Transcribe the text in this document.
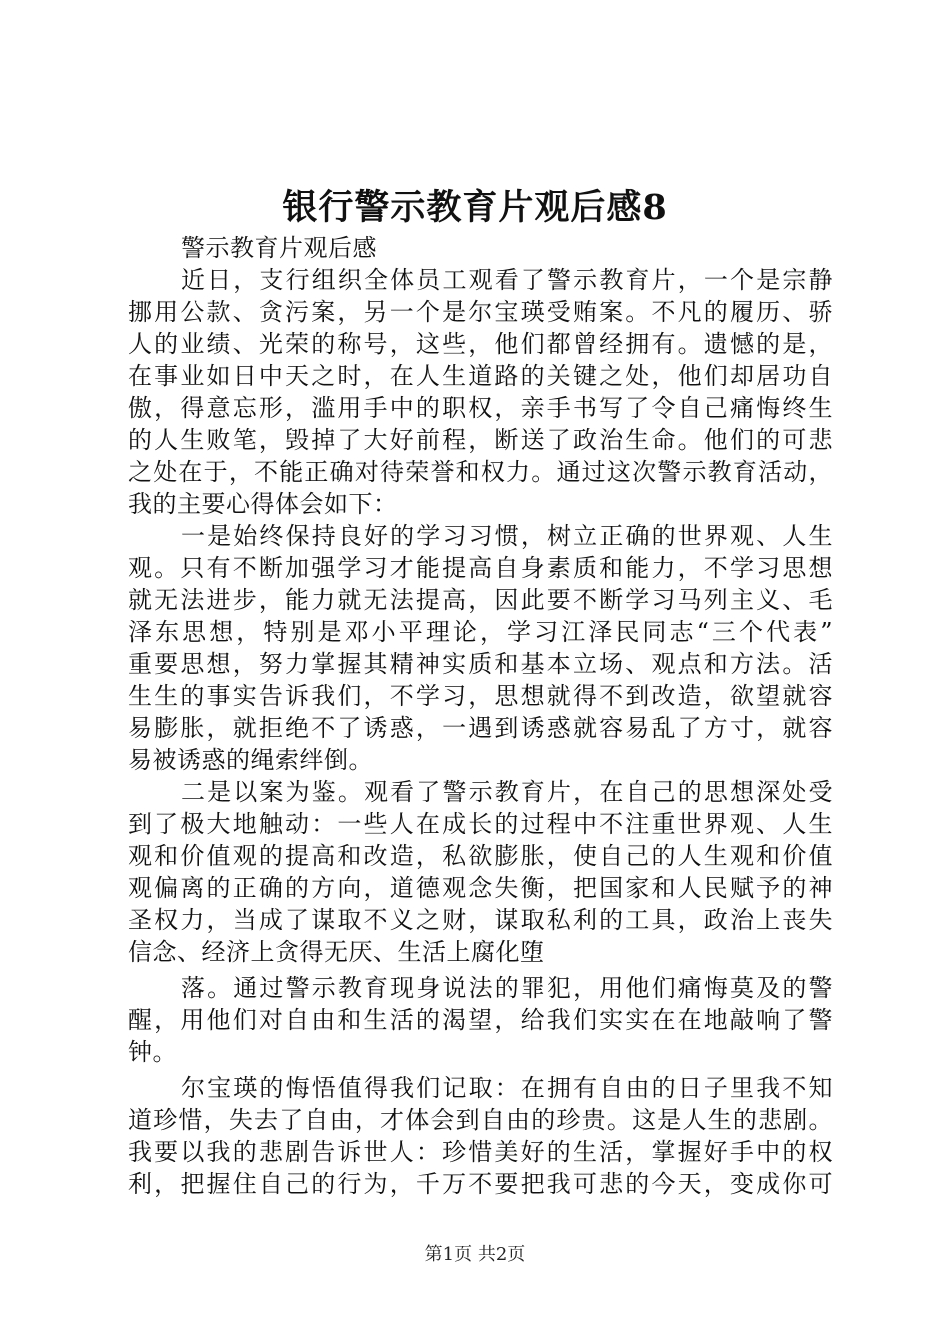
银行警示教育片观后感8
警示教育片观后感
近日，支行组织全体员工观看了警示教育片，一个是宗静
挪用公款、贪污案，另一个是尔宝瑛受贿案。不凡的履历、骄
人的业绩、光荣的称号，这些，他们都曾经拥有。遗憾的是，
在事业如日中天之时，在人生道路的关键之处，他们却居功自
傲，得意忘形，滥用手中的职权，亲手书写了令自己痛悔终生
的人生败笔，毁掉了大好前程，断送了政治生命。他们的可悲
之处在于，不能正确对待荣誉和权力。通过这次警示教育活动，
我的主要心得体会如下：
一是始终保持良好的学习习惯，树立正确的世界观、人生
观。只有不断加强学习才能提高自身素质和能力，不学习思想
就无法进步，能力就无法提高，因此要不断学习马列主义、毛
泽东思想，特别是邓小平理论，学习江泽民同志“三个代表”
重要思想，努力掌握其精神实质和基本立场、观点和方法。活
生生的事实告诉我们，不学习，思想就得不到改造，欲望就容
易膨胀，就拒绝不了诱惑，一遇到诱惑就容易乱了方寸，就容
易被诱惑的绳索绊倒。
二是以案为鉴。观看了警示教育片，在自己的思想深处受
到了极大地触动：一些人在成长的过程中不注重世界观、人生
观和价值观的提高和改造，私欲膨胀，使自己的人生观和价值
观偏离的正确的方向，道德观念失衡，把国家和人民赋予的神
圣权力，当成了谋取不义之财，谋取私利的工具，政治上丧失
信念、经济上贪得无厌、生活上腐化堕
落。通过警示教育现身说法的罪犯，用他们痛悔莫及的警
醒，用他们对自由和生活的渴望，给我们实实在在地敲响了警
钟。
尔宝瑛的悔悟值得我们记取：在拥有自由的日子里我不知
道珍惜，失去了自由，才体会到自由的珍贵。这是人生的悲剧。
我要以我的悲剧告诉世人：珍惜美好的生活，掌握好手中的权
利，把握住自己的行为，千万不要把我可悲的今天，变成你可
第1页 共2页
